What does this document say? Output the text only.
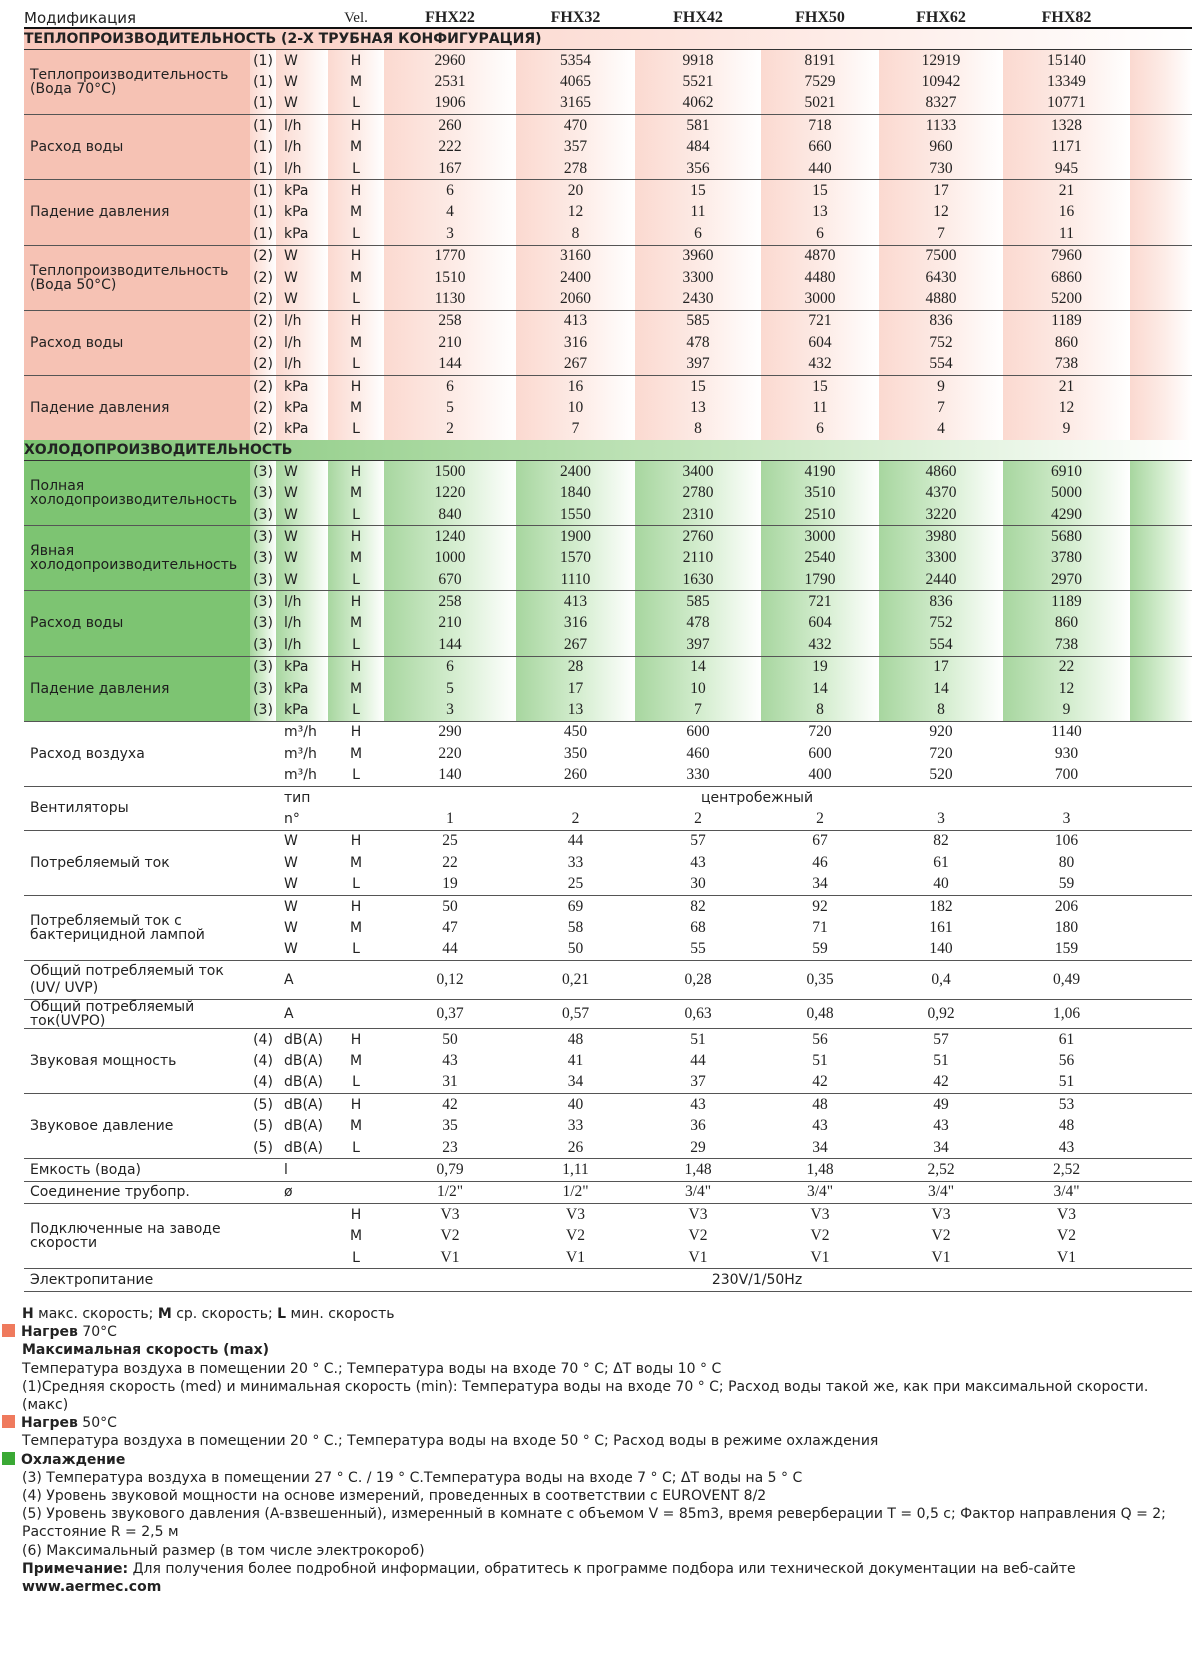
Модификация			Vel.	FHX22	FHX32	FHX42	FHX50	FHX62	FHX82	
ТЕПЛОПРОИЗВОДИТЕЛЬНОСТЬ (2-Х ТРУБНАЯ КОНФИГУРАЦИЯ)										
Теплопроизводительность (Вода 70°C)	(1)	W	H	2960	5354	9918	8191	12919	15140	
	(1)	W	M	2531	4065	5521	7529	10942	13349	
	(1)	W	L	1906	3165	4062	5021	8327	10771	
Расход воды	(1)	l/h	H	260	470	581	718	1133	1328	
	(1)	l/h	M	222	357	484	660	960	1171	
	(1)	l/h	L	167	278	356	440	730	945	
Падение давления	(1)	kPa	H	6	20	15	15	17	21	
	(1)	kPa	M	4	12	11	13	12	16	
	(1)	kPa	L	3	8	6	6	7	11	
Теплопроизводительность (Вода 50°C)	(2)	W	H	1770	3160	3960	4870	7500	7960	
	(2)	W	M	1510	2400	3300	4480	6430	6860	
	(2)	W	L	1130	2060	2430	3000	4880	5200	
Расход воды	(2)	l/h	H	258	413	585	721	836	1189	
	(2)	l/h	M	210	316	478	604	752	860	
	(2)	l/h	L	144	267	397	432	554	738	
Падение давления	(2)	kPa	H	6	16	15	15	9	21	
	(2)	kPa	M	5	10	13	11	7	12	
	(2)	kPa	L	2	7	8	6	4	9	
ХОЛОДОПРОИЗВОДИТЕЛЬНОСТЬ										
Полная холодопроизводительность	(3)	W	H	1500	2400	3400	4190	4860	6910	
	(3)	W	M	1220	1840	2780	3510	4370	5000	
	(3)	W	L	840	1550	2310	2510	3220	4290	
Явная холодопроизводительность	(3)	W	H	1240	1900	2760	3000	3980	5680	
	(3)	W	M	1000	1570	2110	2540	3300	3780	
	(3)	W	L	670	1110	1630	1790	2440	2970	
Расход воды	(3)	l/h	H	258	413	585	721	836	1189	
	(3)	l/h	M	210	316	478	604	752	860	
	(3)	l/h	L	144	267	397	432	554	738	
Падение давления	(3)	kPa	H	6	28	14	19	17	22	
	(3)	kPa	M	5	17	10	14	14	12	
	(3)	kPa	L	3	13	7	8	8	9	
Расход воздуха		m³/h	H	290	450	600	720	920	1140	
		m³/h	M	220	350	460	600	720	930	
		m³/h	L	140	260	330	400	520	700	
Вентиляторы		тип		центробежный						
		n°		1	2	2	2	3	3	
Потребляемый ток		W	H	25	44	57	67	82	106	
		W	M	22	33	43	46	61	80	
		W	L	19	25	30	34	40	59	
Потребляемый ток с бактерицидной лампой		W	H	50	69	82	92	182	206	
		W	M	47	58	68	71	161	180	
		W	L	44	50	55	59	140	159	
Общий потребляемый ток (UV/ UVP)		A		0,12	0,21	0,28	0,35	0,4	0,49	
Общий потребляемый ток(UVPO)		A		0,37	0,57	0,63	0,48	0,92	1,06	
Звуковая мощность	(4)	dB(A)	H	50	48	51	56	57	61	
	(4)	dB(A)	M	43	41	44	51	51	56	
	(4)	dB(A)	L	31	34	37	42	42	51	
Звуковое давление	(5)	dB(A)	H	42	40	43	48	49	53	
	(5)	dB(A)	M	35	33	36	43	43	48	
	(5)	dB(A)	L	23	26	29	34	34	43	
Емкость (вода)		l		0,79	1,11	1,48	1,48	2,52	2,52	
Соединение трубопр.		ø		1/2"	1/2"	3/4"	3/4"	3/4"	3/4"	
Подключенные на заводе скорости			H	V3	V3	V3	V3	V3	V3	
			M	V2	V2	V2	V2	V2	V2	
			L	V1	V1	V1	V1	V1	V1	
Электропитание				230V/1/50Hz						

H макс. скорость; M ср. скорость; L мин. скорость

Нагрев 70°C

Максимальная скорость (max)

Температура воздуха в помещении 20 ° C.; Температура воды на входе 70 ° C; ΔT воды 10 ° C

(1)Средняя скорость (med) и минимальная скорость (min): Температура воды на входе 70 ° C; Расход воды такой же, как при максимальной скорости. (макс)

Нагрев 50°C

Температура воздуха в помещении 20 ° C.; Температура воды на входе 50 ° C; Расход воды в режиме охлаждения

Охлаждение

(3) Температура воздуха в помещении 27 ° C. / 19 ° C.Температура воды на входе 7 ° C; ΔT воды на 5 ° C

(4) Уровень звуковой мощности на основе измерений, проведенных в соответствии с EUROVENT 8/2

(5) Уровень звукового давления (А-взвешенный), измеренный в комнате с объемом V = 85m3, время реверберации T = 0,5 c; Фактор направления Q = 2; Расстояние R = 2,5 м

(6) Максимальный размер (в том числе электрокороб)

Примечание: Для получения более подробной информации, обратитесь к программе подбора или технической документации на веб-сайте www.aermec.com
